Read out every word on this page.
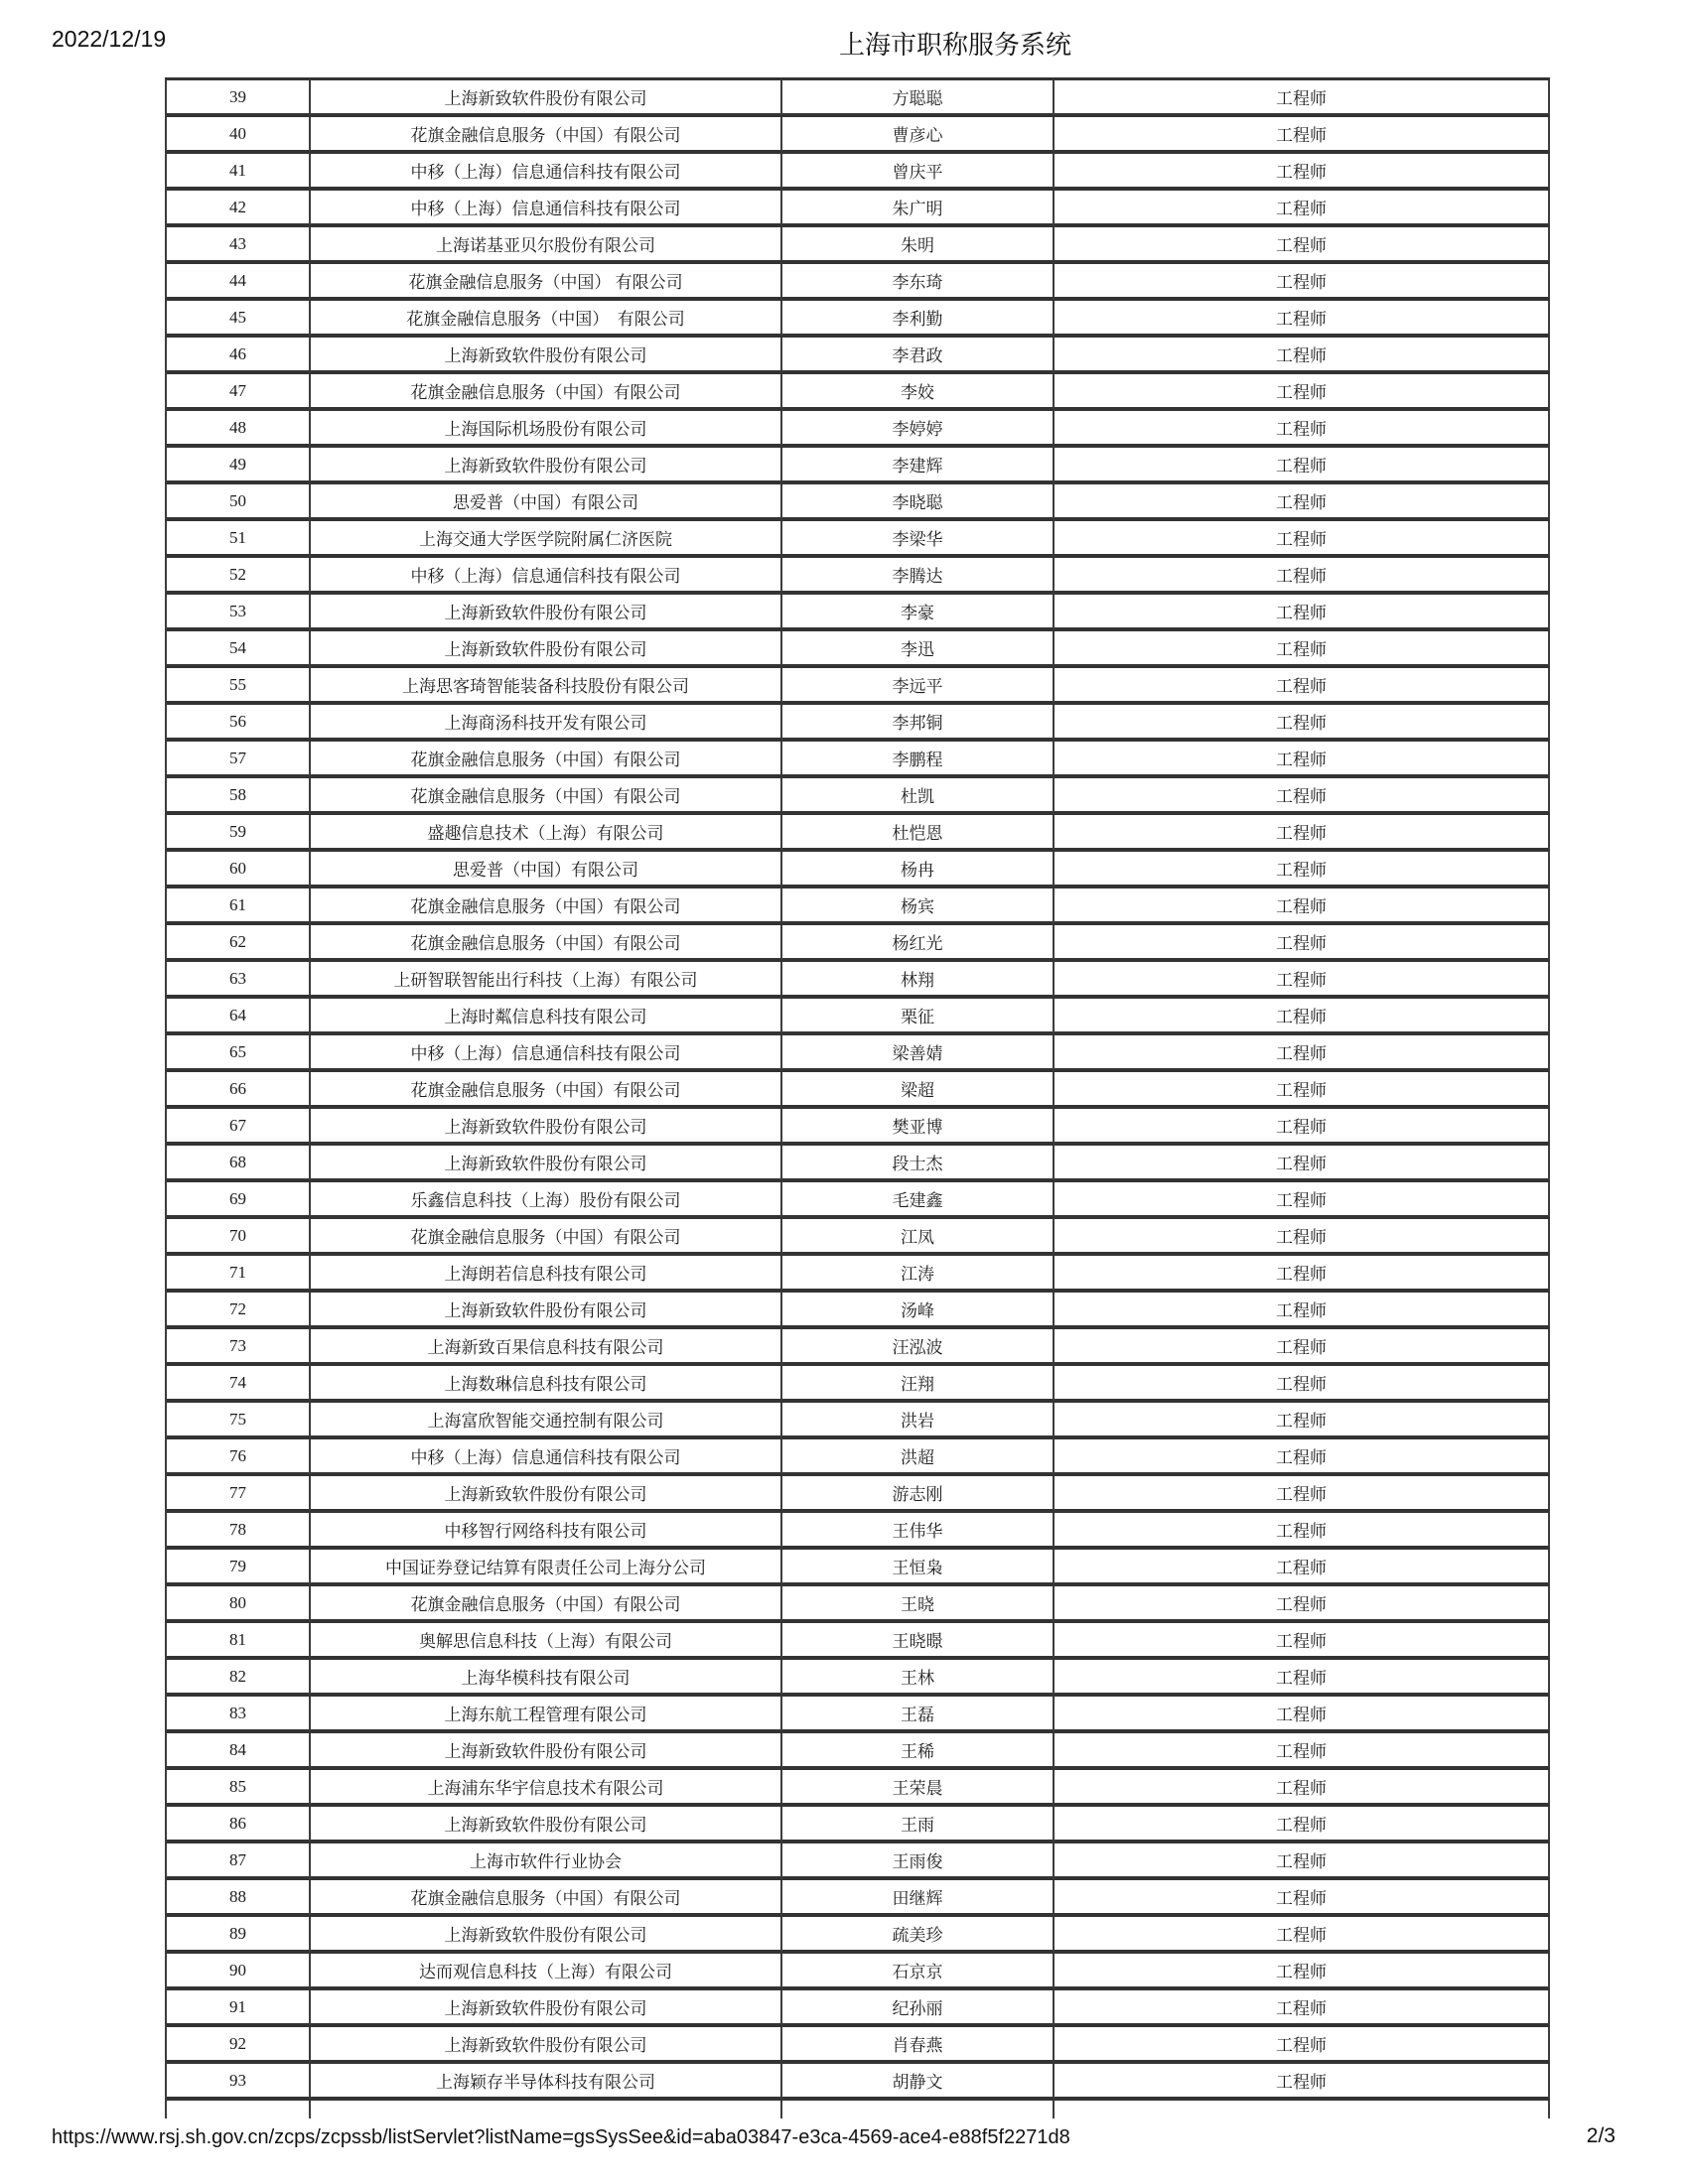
2022/12/19	上海市职称服务系统
39	上海新致软件股份有限公司	方聪聪	工程师
40	花旗金融信息服务（中国）有限公司	曹彦心	工程师
41	中移（上海）信息通信科技有限公司	曾庆平	工程师
42	中移（上海）信息通信科技有限公司	朱广明	工程师
43	上海诺基亚贝尔股份有限公司	朱明	工程师
44	花旗金融信息服务（中国） 有限公司	李东琦	工程师
45	花旗金融信息服务（中国）　有限公司	李利勤	工程师
46	上海新致软件股份有限公司	李君政	工程师
47	花旗金融信息服务（中国）有限公司	李姣	工程师
48	上海国际机场股份有限公司	李婷婷	工程师
49	上海新致软件股份有限公司	李建辉	工程师
50	思爱普（中国）有限公司	李晓聪	工程师
51	上海交通大学医学院附属仁济医院	李梁华	工程师
52	中移（上海）信息通信科技有限公司	李腾达	工程师
53	上海新致软件股份有限公司	李豪	工程师
54	上海新致软件股份有限公司	李迅	工程师
55	上海思客琦智能装备科技股份有限公司	李远平	工程师
56	上海商汤科技开发有限公司	李邦铜	工程师
57	花旗金融信息服务（中国）有限公司	李鹏程	工程师
58	花旗金融信息服务（中国）有限公司	杜凯	工程师
59	盛趣信息技术（上海）有限公司	杜恺恩	工程师
60	思爱普（中国）有限公司	杨冉	工程师
61	花旗金融信息服务（中国）有限公司	杨宾	工程师
62	花旗金融信息服务（中国）有限公司	杨红光	工程师
63	上研智联智能出行科技（上海）有限公司	林翔	工程师
64	上海时粼信息科技有限公司	栗征	工程师
65	中移（上海）信息通信科技有限公司	梁善婧	工程师
66	花旗金融信息服务（中国）有限公司	梁超	工程师
67	上海新致软件股份有限公司	樊亚博	工程师
68	上海新致软件股份有限公司	段士杰	工程师
69	乐鑫信息科技（上海）股份有限公司	毛建鑫	工程师
70	花旗金融信息服务（中国）有限公司	江凤	工程师
71	上海朗若信息科技有限公司	江涛	工程师
72	上海新致软件股份有限公司	汤峰	工程师
73	上海新致百果信息科技有限公司	汪泓波	工程师
74	上海数琳信息科技有限公司	汪翔	工程师
75	上海富欣智能交通控制有限公司	洪岩	工程师
76	中移（上海）信息通信科技有限公司	洪超	工程师
77	上海新致软件股份有限公司	游志刚	工程师
78	中移智行网络科技有限公司	王伟华	工程师
79	中国证券登记结算有限责任公司上海分公司	王恒枭	工程师
80	花旗金融信息服务（中国）有限公司	王晓	工程师
81	奥解思信息科技（上海）有限公司	王晓暻	工程师
82	上海华模科技有限公司	王林	工程师
83	上海东航工程管理有限公司	王磊	工程师
84	上海新致软件股份有限公司	王稀	工程师
85	上海浦东华宇信息技术有限公司	王荣晨	工程师
86	上海新致软件股份有限公司	王雨	工程师
87	上海市软件行业协会	王雨俊	工程师
88	花旗金融信息服务（中国）有限公司	田继辉	工程师
89	上海新致软件股份有限公司	疏美珍	工程师
90	达而观信息科技（上海）有限公司	石京京	工程师
91	上海新致软件股份有限公司	纪孙丽	工程师
92	上海新致软件股份有限公司	肖春燕	工程师
93	上海颖存半导体科技有限公司	胡静文	工程师

https://www.rsj.sh.gov.cn/zcps/zcpssb/listServlet?listName=gsSysSee&id=aba03847-e3ca-4569-ace4-e88f5f2271d8	2/3
